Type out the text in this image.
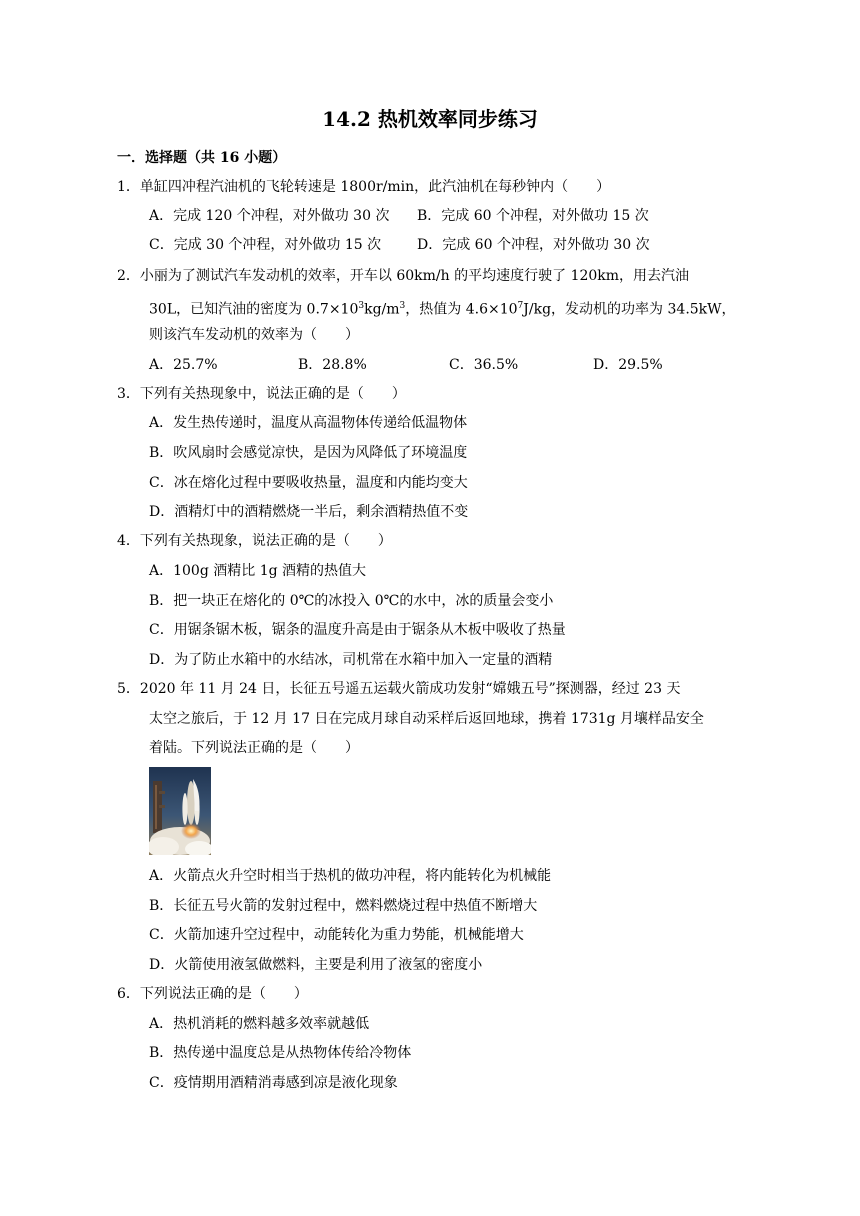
14.2 热机效率同步练习
一．选择题（共 16 小题）
1．单缸四冲程汽油机的飞轮转速是 1800r/min，此汽油机在每秒钟内（　　）
A．完成 120 个冲程，对外做功 30 次 B．完成 60 个冲程，对外做功 15 次
C．完成 30 个冲程，对外做功 15 次	D．完成 60 个冲程，对外做功 30 次
2．小丽为了测试汽车发动机的效率，开车以 60km/h 的平均速度行驶了 120km，用去汽油
30L，已知汽油的密度为 $0.7\times 10^3kg/m^3$，热值为 $4.6\times 10^7J/kg$，发动机的功率为 34.5kW，
则该汽车发动机的效率为（　　）
A．25.7%	B．28.8%	C．36.5%	D．29.5%
3．下列有关热现象中，说法正确的是（　　）
A．发生热传递时，温度从高温物体传递给低温物体
B．吹风扇时会感觉凉快，是因为风降低了环境温度
C．冰在熔化过程中要吸收热量，温度和内能均变大
D．酒精灯中的酒精燃烧一半后，剩余酒精热值不变
4．下列有关热现象，说法正确的是（　　）
A．100g 酒精比 1g 酒精的热值大
B．把一块正在熔化的 0℃的冰投入 0℃的水中，冰的质量会变小
C．用锯条锯木板，锯条的温度升高是由于锯条从木板中吸收了热量
D．为了防止水箱中的水结冰，司机常在水箱中加入一定量的酒精
5．2020 年 11 月 24 日，长征五号遥五运载火箭成功发射“嫦娥五号”探测器，经过 23 天
太空之旅后，于 12 月 17 日在完成月球自动采样后返回地球，携着 1731g 月壤样品安全
着陆。下列说法正确的是（　　）
A．火箭点火升空时相当于热机的做功冲程，将内能转化为机械能
B．长征五号火箭的发射过程中，燃料燃烧过程中热值不断增大
C．火箭加速升空过程中，动能转化为重力势能，机械能增大
D．火箭使用液氢做燃料，主要是利用了液氢的密度小
6．下列说法正确的是（　　）
A．热机消耗的燃料越多效率就越低
B．热传递中温度总是从热物体传给冷物体
C．疫情期用酒精消毒感到凉是液化现象
